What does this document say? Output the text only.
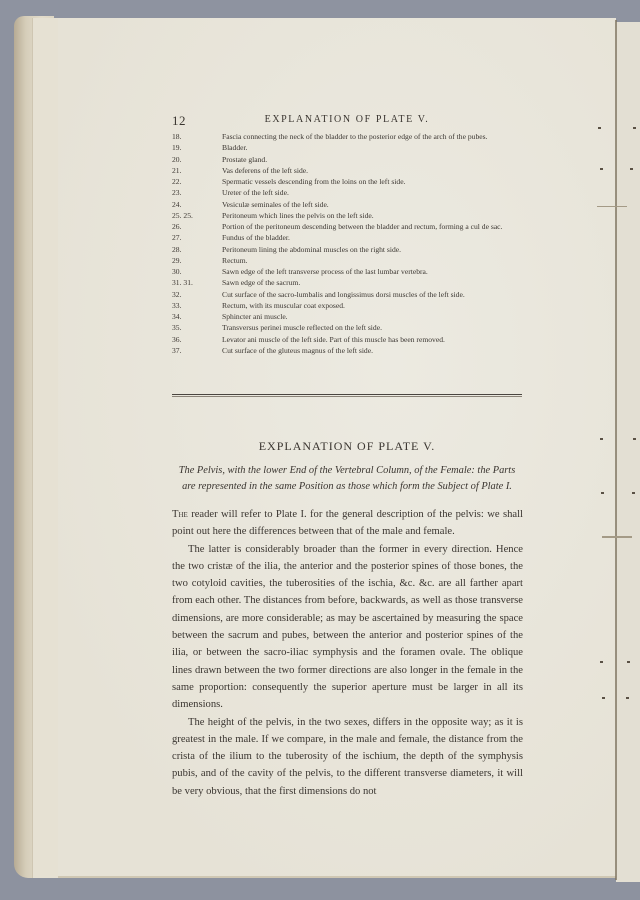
12	EXPLANATION OF PLATE V.
18.	Fascia connecting the neck of the bladder to the posterior edge of the arch of the pubes.
19.	Bladder.
20.	Prostate gland.
21.	Vas deferens of the left side.
22.	Spermatic vessels descending from the loins on the left side.
23.	Ureter of the left side.
24.	Vesiculæ seminales of the left side.
25. 25.	Peritoneum which lines the pelvis on the left side.
26.	Portion of the peritoneum descending between the bladder and rectum, forming a cul de sac.
27.	Fundus of the bladder.
28.	Peritoneum lining the abdominal muscles on the right side.
29.	Rectum.
30.	Sawn edge of the left transverse process of the last lumbar vertebra.
31. 31.	Sawn edge of the sacrum.
32.	Cut surface of the sacro-lumbalis and longissimus dorsi muscles of the left side.
33.	Rectum, with its muscular coat exposed.
34.	Sphincter ani muscle.
35.	Transversus perinei muscle reflected on the left side.
36.	Levator ani muscle of the left side. Part of this muscle has been removed.
37.	Cut surface of the gluteus magnus of the left side.
EXPLANATION OF PLATE V.
The Pelvis, with the lower End of the Vertebral Column, of the Female: the Parts
are represented in the same Position as those which form the Subject of Plate I.

The reader will refer to Plate I. for the general description of the pelvis: we shall point out here the differences between that of the male and female.

The latter is considerably broader than the former in every direction. Hence the two cristæ of the ilia, the anterior and the posterior spines of those bones, the two cotyloid cavities, the tuberosities of the ischia, &c. &c. are all farther apart from each other. The distances from before, backwards, as well as those transverse dimensions, are more considerable; as may be ascertained by measuring the space between the sacrum and pubes, between the anterior and posterior spines of the ilia, or between the sacro-iliac symphysis and the foramen ovale. The oblique lines drawn between the two former directions are also longer in the female in the same proportion: consequently the superior aperture must be larger in all its dimensions.

The height of the pelvis, in the two sexes, differs in the opposite way; as it is greatest in the male. If we compare, in the male and female, the distance from the crista of the ilium to the tuberosity of the ischium, the depth of the symphysis pubis, and of the cavity of the pelvis, to the different transverse diameters, it will be very obvious, that the first dimensions do not
